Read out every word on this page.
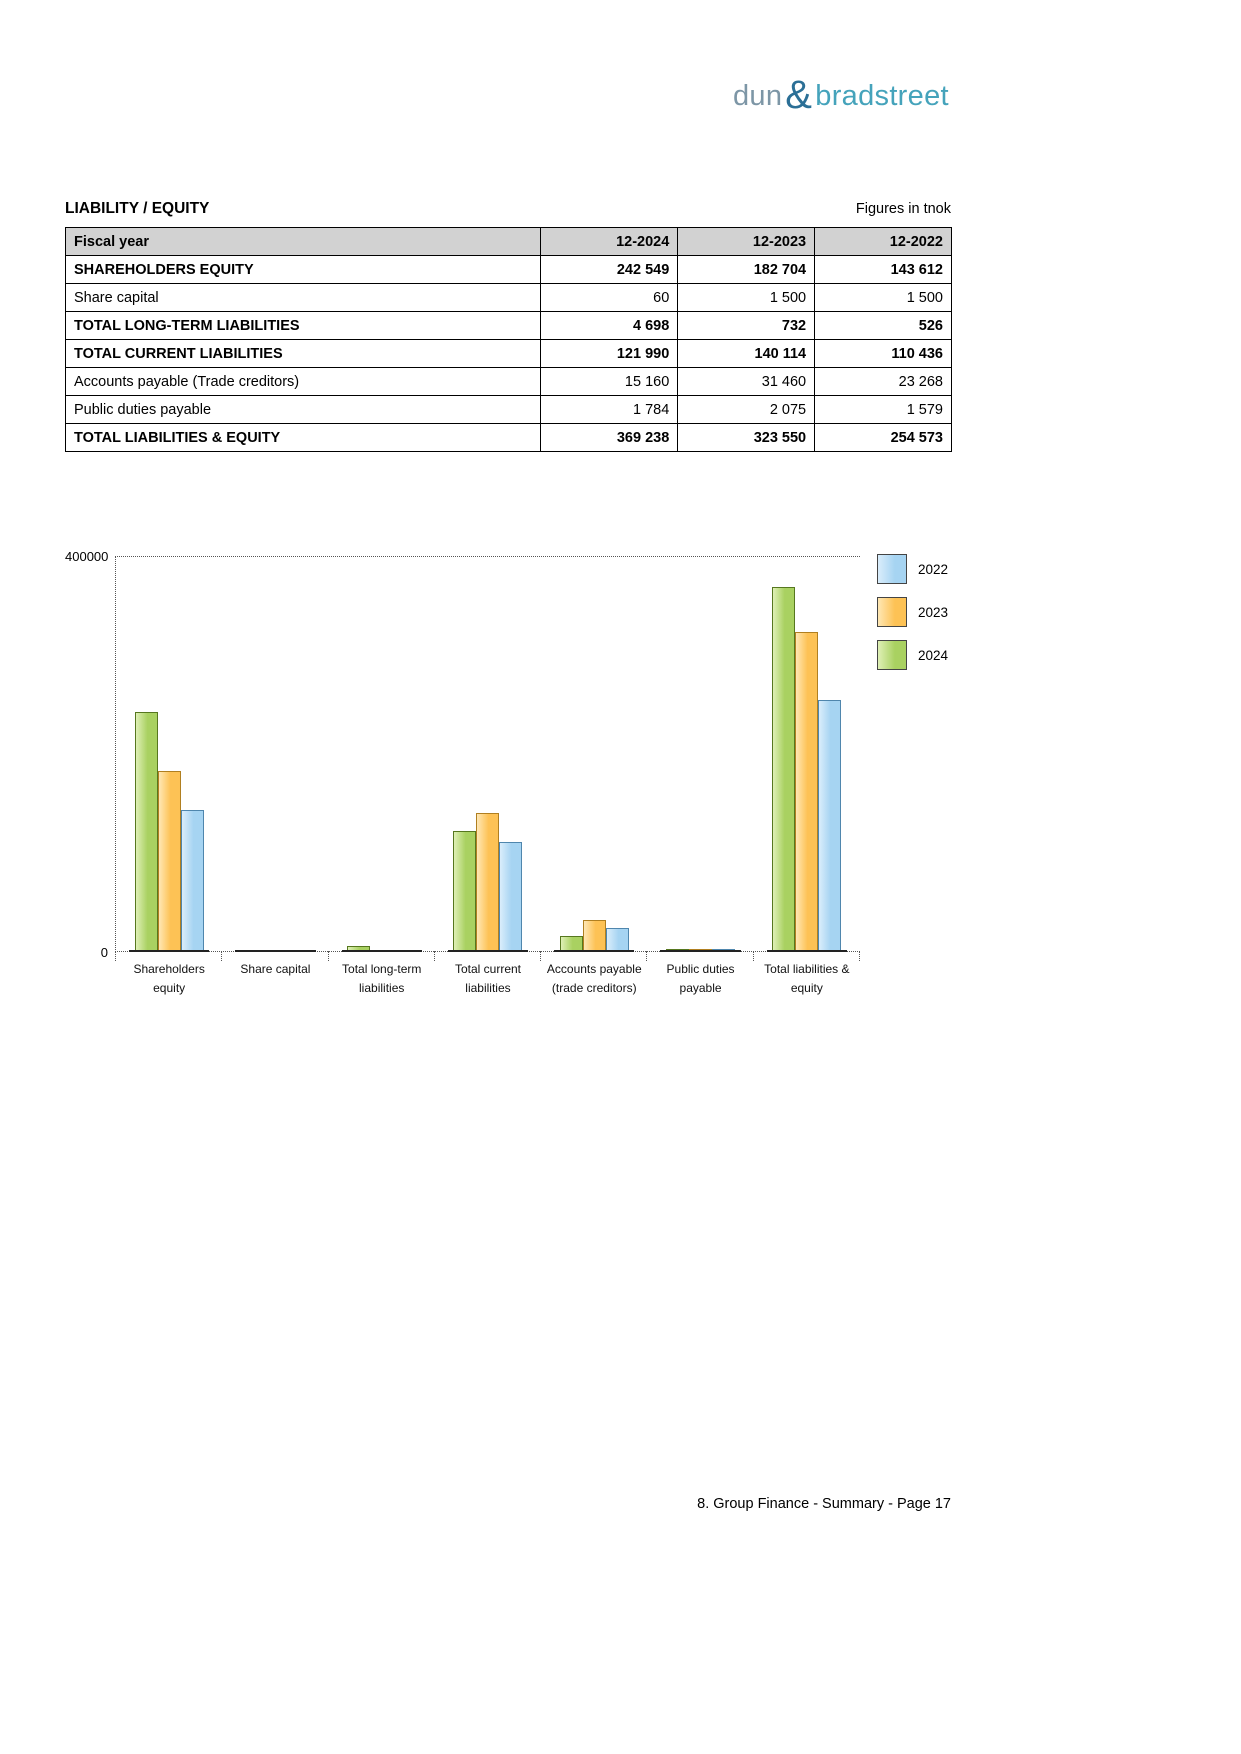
dun & bradstreet
LIABILITY / EQUITY	Figures in tnok
Fiscal year	12-2024	12-2023	12-2022
SHAREHOLDERS EQUITY	242 549	182 704	143 612
Share capital	60	1 500	1 500
TOTAL LONG-TERM LIABILITIES	4 698	732	526
TOTAL CURRENT LIABILITIES	121 990	140 114	110 436
Accounts payable (Trade creditors)	15 160	31 460	23 268
Public duties payable	1 784	2 075	1 579
TOTAL LIABILITIES & EQUITY	369 238	323 550	254 573
400000
0
Shareholders
equity
Share capital	Total long-term
liabilities
Total current
liabilities
Accounts payable
(trade creditors)
Public duties
payable
Total liabilities &
equity
2022
2023
2024
8. Group Finance - Summary - Page 17
